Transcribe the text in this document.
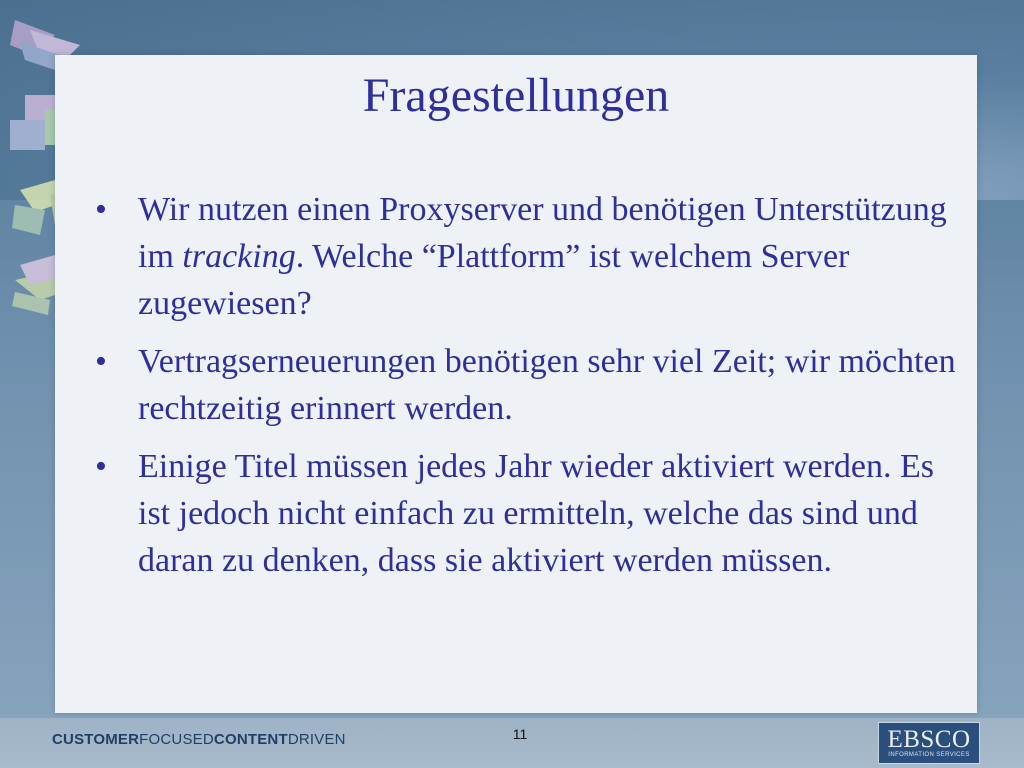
Fragestellungen
• Wir nutzen einen Proxyserver und benötigen Unterstützung im tracking. Welche “Plattform” ist welchem Server zugewiesen?
• Vertragserneuerungen benötigen sehr viel Zeit; wir möchten rechtzeitig erinnert werden.
• Einige Titel müssen jedes Jahr wieder aktiviert werden. Es ist jedoch nicht einfach zu ermitteln, welche das sind und daran zu denken, dass sie aktiviert werden müssen.
CUSTOMERFOCUSEDCONTENTDRIVEN	11	EBSCO
INFORMATION SERVICES
